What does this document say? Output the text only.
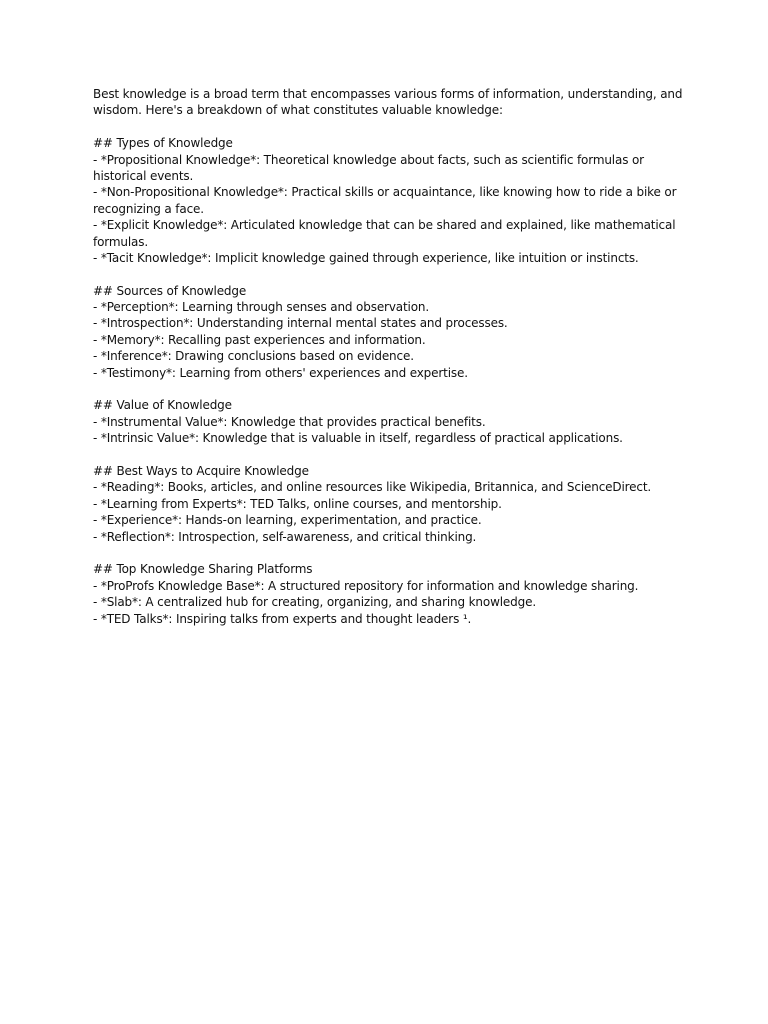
Best knowledge is a broad term that encompasses various forms of information, understanding, and
wisdom. Here's a breakdown of what constitutes valuable knowledge:
## Types of Knowledge
- *Propositional Knowledge*: Theoretical knowledge about facts, such as scientific formulas or
historical events.
- *Non-Propositional Knowledge*: Practical skills or acquaintance, like knowing how to ride a bike or
recognizing a face.
- *Explicit Knowledge*: Articulated knowledge that can be shared and explained, like mathematical
formulas.
- *Tacit Knowledge*: Implicit knowledge gained through experience, like intuition or instincts.
## Sources of Knowledge
- *Perception*: Learning through senses and observation.
- *Introspection*: Understanding internal mental states and processes.
- *Memory*: Recalling past experiences and information.
- *Inference*: Drawing conclusions based on evidence.
- *Testimony*: Learning from others' experiences and expertise.
## Value of Knowledge
- *Instrumental Value*: Knowledge that provides practical benefits.
- *Intrinsic Value*: Knowledge that is valuable in itself, regardless of practical applications.
## Best Ways to Acquire Knowledge
- *Reading*: Books, articles, and online resources like Wikipedia, Britannica, and ScienceDirect.
- *Learning from Experts*: TED Talks, online courses, and mentorship.
- *Experience*: Hands-on learning, experimentation, and practice.
- *Reflection*: Introspection, self-awareness, and critical thinking.
## Top Knowledge Sharing Platforms
- *ProProfs Knowledge Base*: A structured repository for information and knowledge sharing.
- *Slab*: A centralized hub for creating, organizing, and sharing knowledge.
- *TED Talks*: Inspiring talks from experts and thought leaders ¹.
